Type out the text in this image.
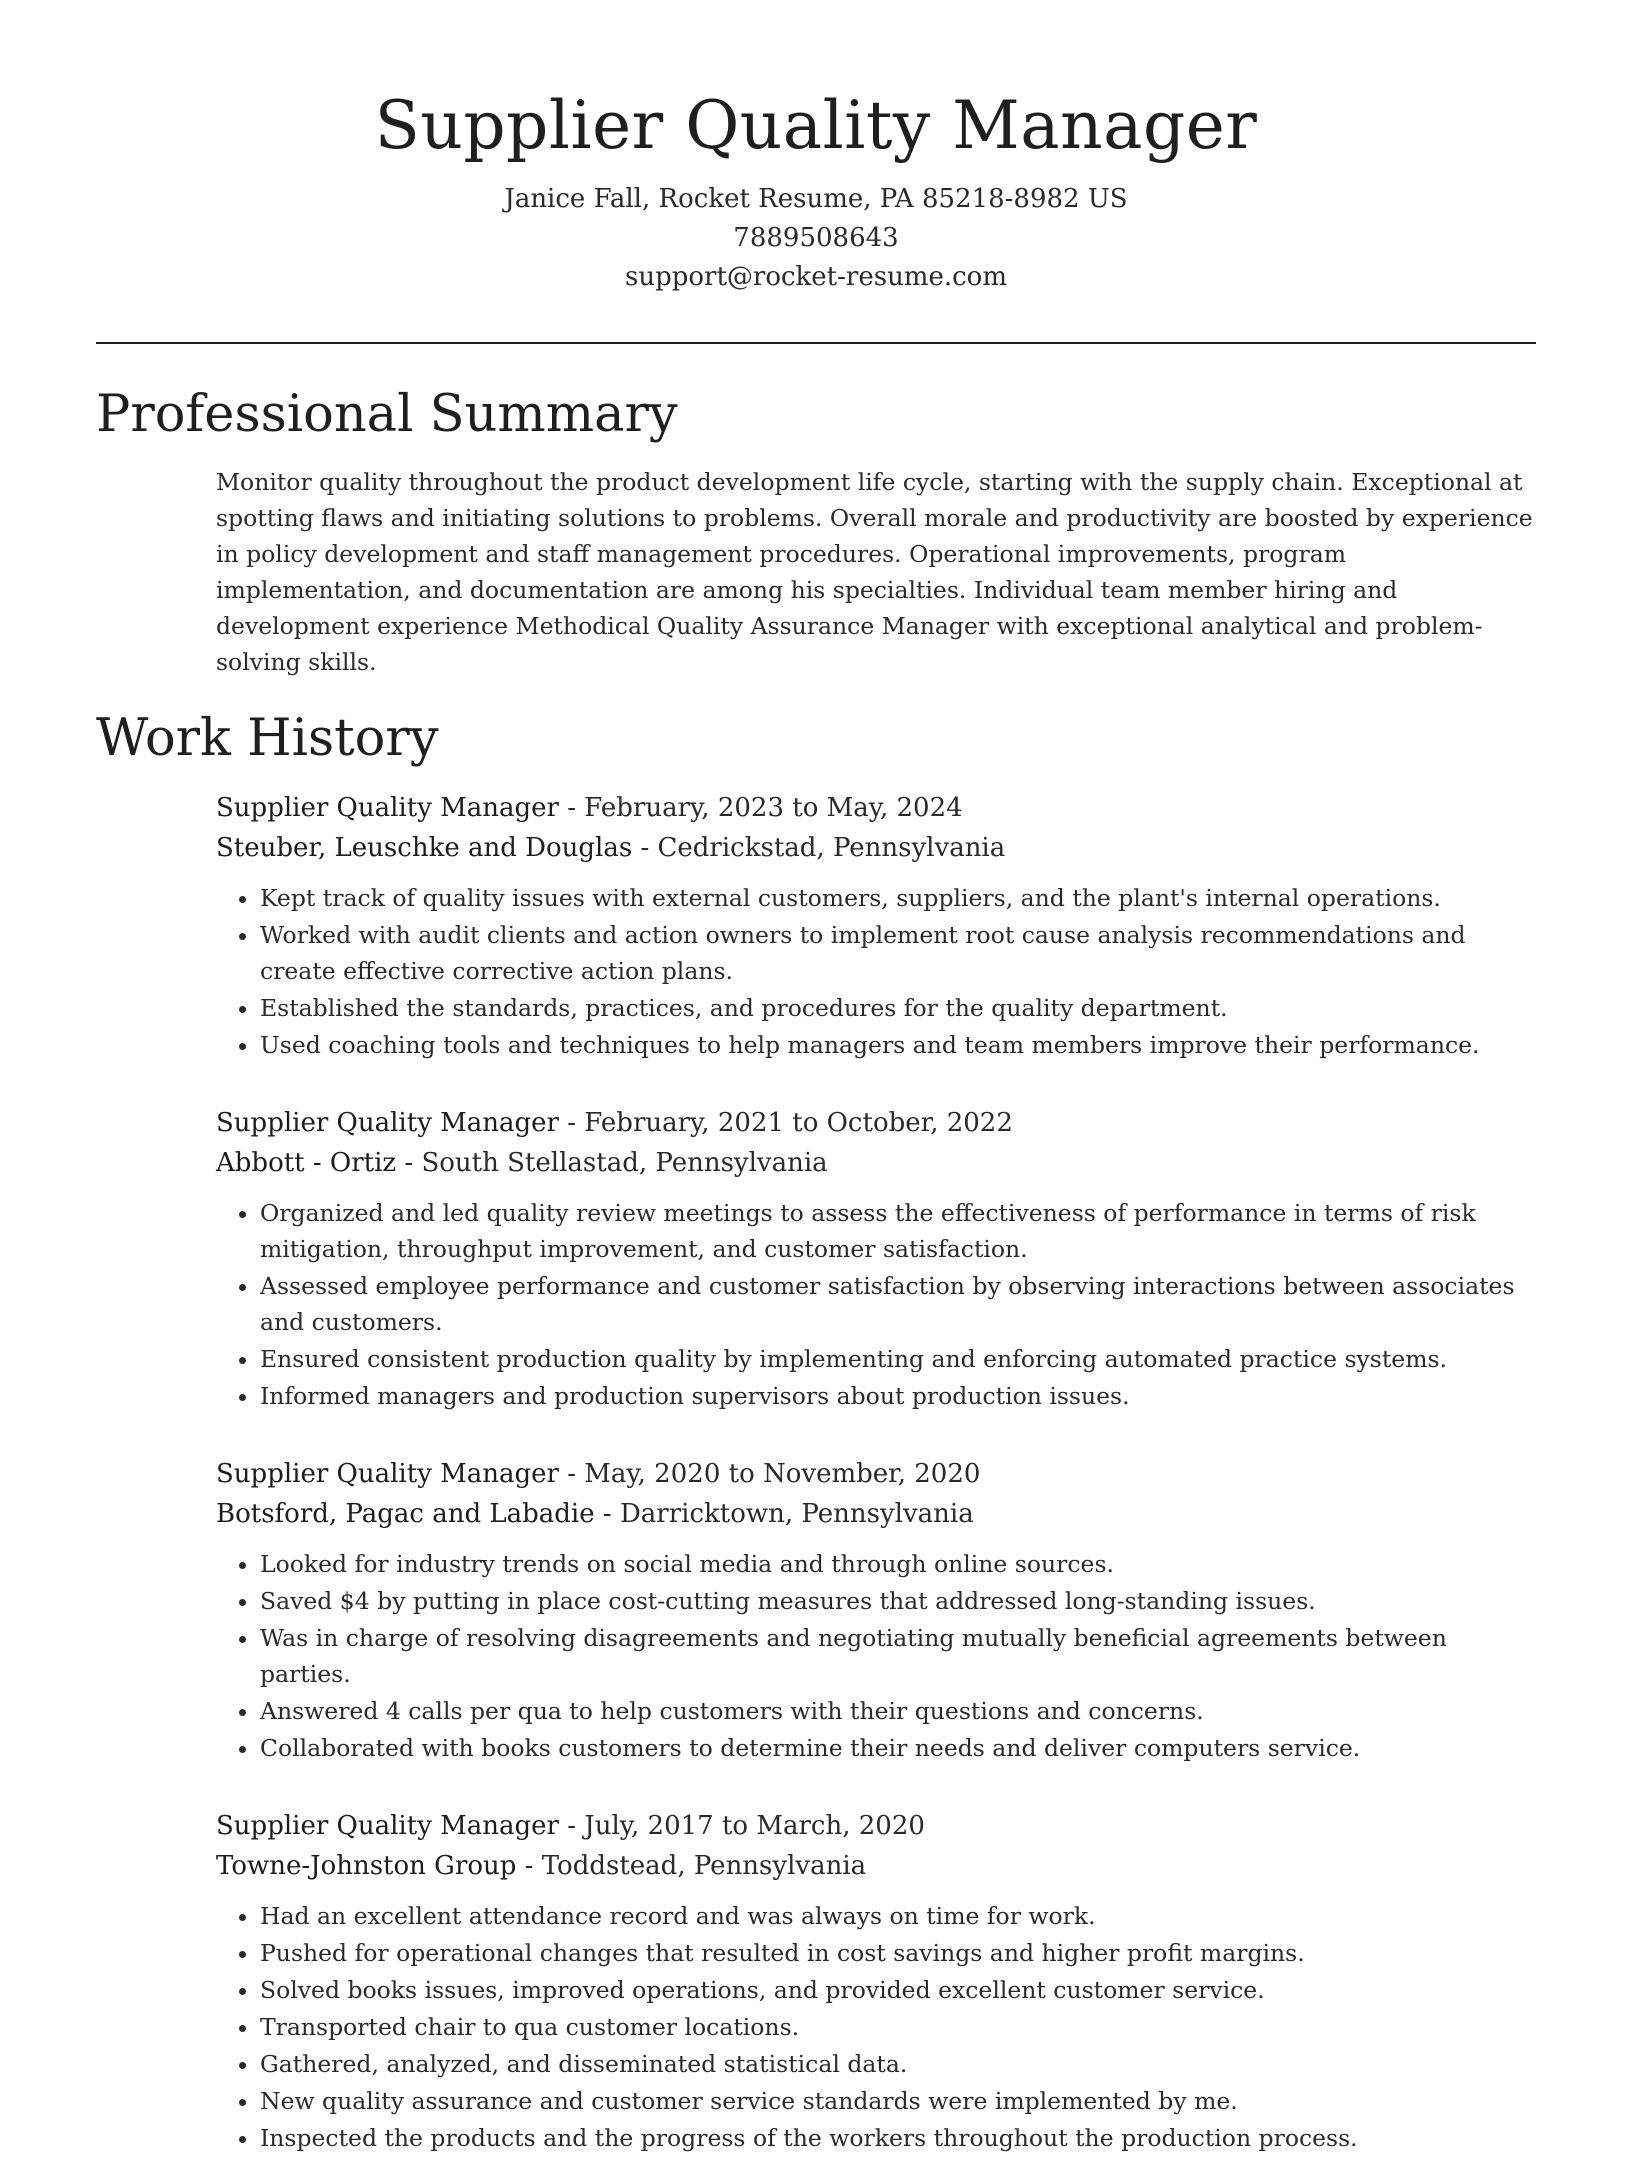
Supplier Quality Manager
Janice Fall, Rocket Resume, PA 85218-8982 US
7889508643
support@rocket-resume.com
Professional Summary

Monitor quality throughout the product development life cycle, starting with the supply chain. Exceptional at spotting flaws and initiating solutions to problems. Overall morale and productivity are boosted by experience in policy development and staff management procedures. Operational improvements, program implementation, and documentation are among his specialties. Individual team member hiring and development experience Methodical Quality Assurance Manager with exceptional analytical and problem-solving skills.

Work History
Supplier Quality Manager - February, 2023 to May, 2024
Steuber, Leuschke and Douglas - Cedrickstad, Pennsylvania
• Kept track of quality issues with external customers, suppliers, and the plant's internal operations.
• Worked with audit clients and action owners to implement root cause analysis recommendations and create effective corrective action plans.
• Established the standards, practices, and procedures for the quality department.
• Used coaching tools and techniques to help managers and team members improve their performance.
Supplier Quality Manager - February, 2021 to October, 2022
Abbott - Ortiz - South Stellastad, Pennsylvania
• Organized and led quality review meetings to assess the effectiveness of performance in terms of risk mitigation, throughput improvement, and customer satisfaction.
• Assessed employee performance and customer satisfaction by observing interactions between associates and customers.
• Ensured consistent production quality by implementing and enforcing automated practice systems.
• Informed managers and production supervisors about production issues.
Supplier Quality Manager - May, 2020 to November, 2020
Botsford, Pagac and Labadie - Darricktown, Pennsylvania
• Looked for industry trends on social media and through online sources.
• Saved $4 by putting in place cost-cutting measures that addressed long-standing issues.
• Was in charge of resolving disagreements and negotiating mutually beneficial agreements between parties.
• Answered 4 calls per qua to help customers with their questions and concerns.
• Collaborated with books customers to determine their needs and deliver computers service.
Supplier Quality Manager - July, 2017 to March, 2020
Towne-Johnston Group - Toddstead, Pennsylvania
• Had an excellent attendance record and was always on time for work.
• Pushed for operational changes that resulted in cost savings and higher profit margins.
• Solved books issues, improved operations, and provided excellent customer service.
• Transported chair to qua customer locations.
• Gathered, analyzed, and disseminated statistical data.
• New quality assurance and customer service standards were implemented by me.
• Inspected the products and the progress of the workers throughout the production process.
